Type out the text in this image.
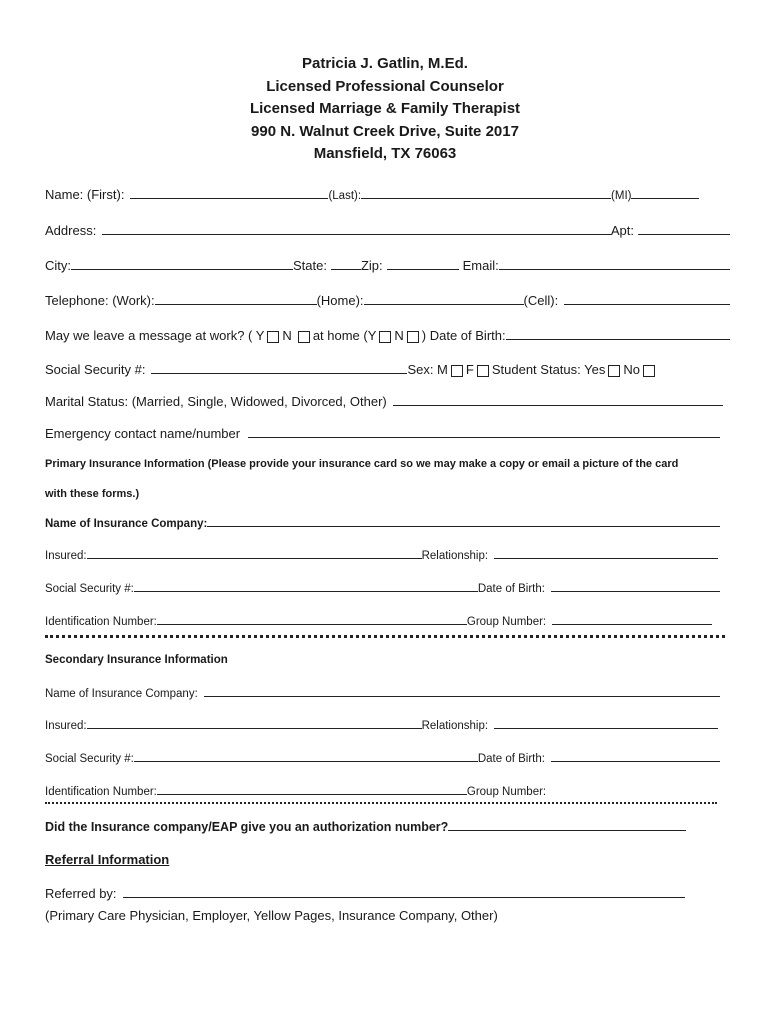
Patricia J. Gatlin, M.Ed.
Licensed Professional Counselor
Licensed Marriage & Family Therapist
990 N. Walnut Creek Drive, Suite 2017
Mansfield, TX 76063
Name: (First):	(Last):	(MI)
Address:	Apt:
City:	State:	Zip:	Email:
Telephone: (Work):	(Home):	(Cell):
May we leave a message at work? ( Y N at home (Y N ) Date of Birth:
Social Security #:	Sex: M F Student Status: Yes No
Marital Status: (Married, Single, Widowed, Divorced, Other)
Emergency contact name/number
Primary Insurance Information (Please provide your insurance card so we may make a copy or email a picture of the card
with these forms.)
Name of Insurance Company:
Insured:	Relationship:
Social Security #:	Date of Birth:
Identification Number:	Group Number:
Secondary Insurance Information
Name of Insurance Company:
Insured:	Relationship:
Social Security #:	Date of Birth:
Identification Number:	Group Number:
Did the Insurance company/EAP give you an authorization number?
Referral Information
Referred by:
(Primary Care Physician, Employer, Yellow Pages, Insurance Company, Other)
